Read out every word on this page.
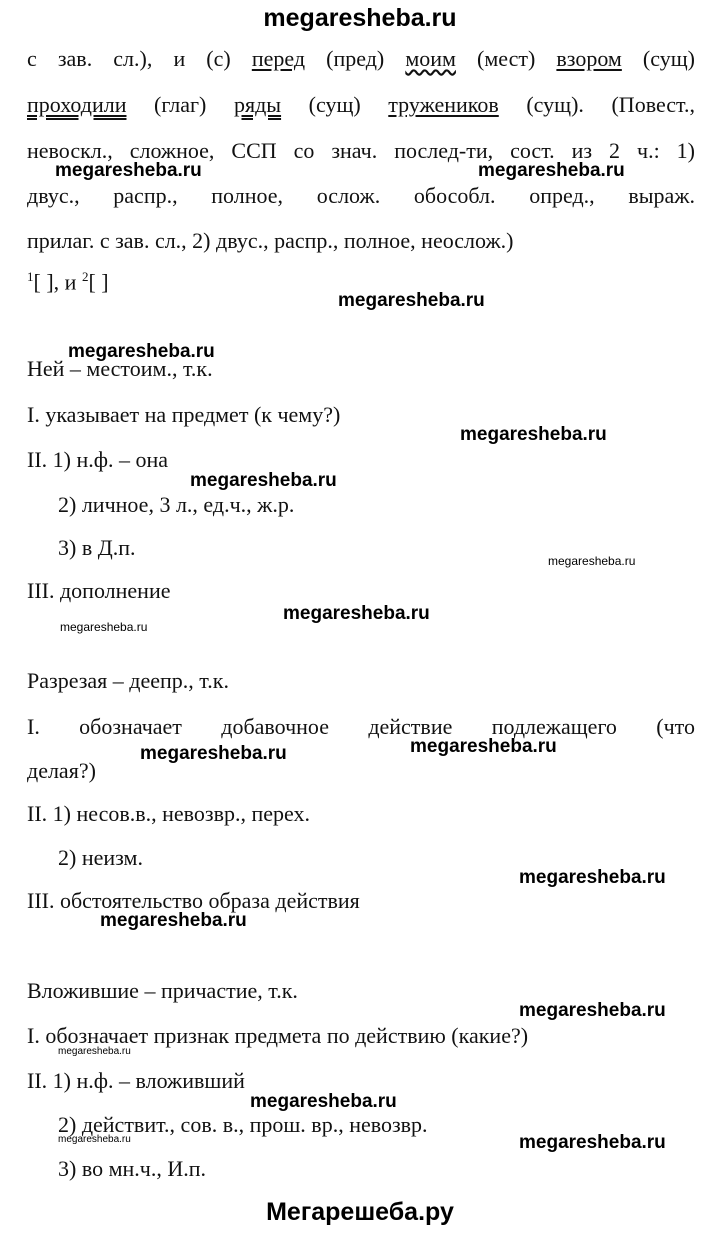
megaresheba.ru
с зав. сл.), и (с) перед (пред) моим (мест) взором (сущ)
проходили (глаг) ряды (сущ) тружеников (сущ). (Повест.,
невоскл., сложное, ССП со знач. послед-ти, сост. из 2 ч.: 1)
двус., распр., полное, ослож. обособл. опред., выраж.
прилаг. с зав. сл., 2) двус., распр., полное, неослож.)
$^1$[ ], и $^2$[ ]
Ней – местоим., т.к.
I. указывает на предмет (к чему?)
II. 1) н.ф. – она
2) личное, 3 л., ед.ч., ж.р.
3) в Д.п.
III. дополнение
Разрезая – деепр., т.к.
I. обозначает добавочное действие подлежащего (что
делая?)
II. 1) несов.в., невозвр., перех.
2) неизм.
III. обстоятельство образа действия
Вложившие – причастие, т.к.
I. обозначает признак предмета по действию (какие?)
II. 1) н.ф. – вложивший
2) действит., сов. в., прош. вр., невозвр.
3) во мн.ч., И.п.
megaresheba.ru	megaresheba.ru
megaresheba.ru
megaresheba.ru
megaresheba.ru
megaresheba.ru
megaresheba.ru
megaresheba.ru
megaresheba.ru
megaresheba.ru	megaresheba.ru
megaresheba.ru
megaresheba.ru
megaresheba.ru
megaresheba.ru
megaresheba.ru
megaresheba.ru	megaresheba.ru
Мегарешеба.ру
